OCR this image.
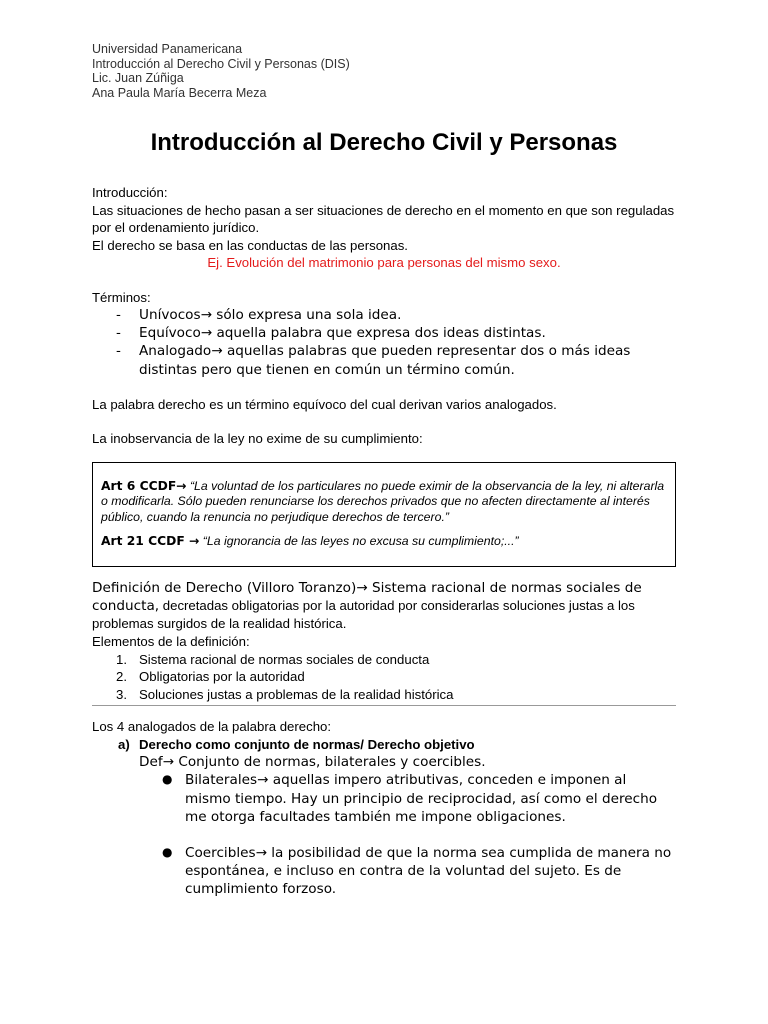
Universidad Panamericana
Introducción al Derecho Civil y Personas (DIS)
Lic. Juan Zúñiga
Ana Paula María Becerra Meza
Introducción al Derecho Civil y Personas
Introducción:
Las situaciones de hecho pasan a ser situaciones de derecho en el momento en que son reguladas por el ordenamiento jurídico.
El derecho se basa en las conductas de las personas.
Ej. Evolución del matrimonio para personas del mismo sexo.
Términos:
- Unívocos→ sólo expresa una sola idea.
- Equívoco→ aquella palabra que expresa dos ideas distintas.
- Analogado→ aquellas palabras que pueden representar dos o más ideas distintas pero que tienen en común un término común.
La palabra derecho es un término equívoco del cual derivan varios analogados.
La inobservancia de la ley no exime de su cumplimiento:
Art 6 CCDF→ “La voluntad de los particulares no puede eximir de la observancia de la ley, ni alterarla o modificarla. Sólo pueden renunciarse los derechos privados que no afecten directamente al interés público, cuando la renuncia no perjudique derechos de tercero.”
Art 21 CCDF → “La ignorancia de las leyes no excusa su cumplimiento;...”
Definición de Derecho (Villoro Toranzo)→ Sistema racional de normas sociales de conducta, decretadas obligatorias por la autoridad por considerarlas soluciones justas a los problemas surgidos de la realidad histórica.
Elementos de la definición:
1. Sistema racional de normas sociales de conducta
2. Obligatorias por la autoridad
3. Soluciones justas a problemas de la realidad histórica
Los 4 analogados de la palabra derecho:
a) Derecho como conjunto de normas/ Derecho objetivo
Def→ Conjunto de normas, bilaterales y coercibles.
● Bilaterales→ aquellas impero atributivas, conceden e imponen al mismo tiempo. Hay un principio de reciprocidad, así como el derecho me otorga facultades también me impone obligaciones.
● Coercibles→ la posibilidad de que la norma sea cumplida de manera no espontánea, e incluso en contra de la voluntad del sujeto. Es de cumplimiento forzoso.
